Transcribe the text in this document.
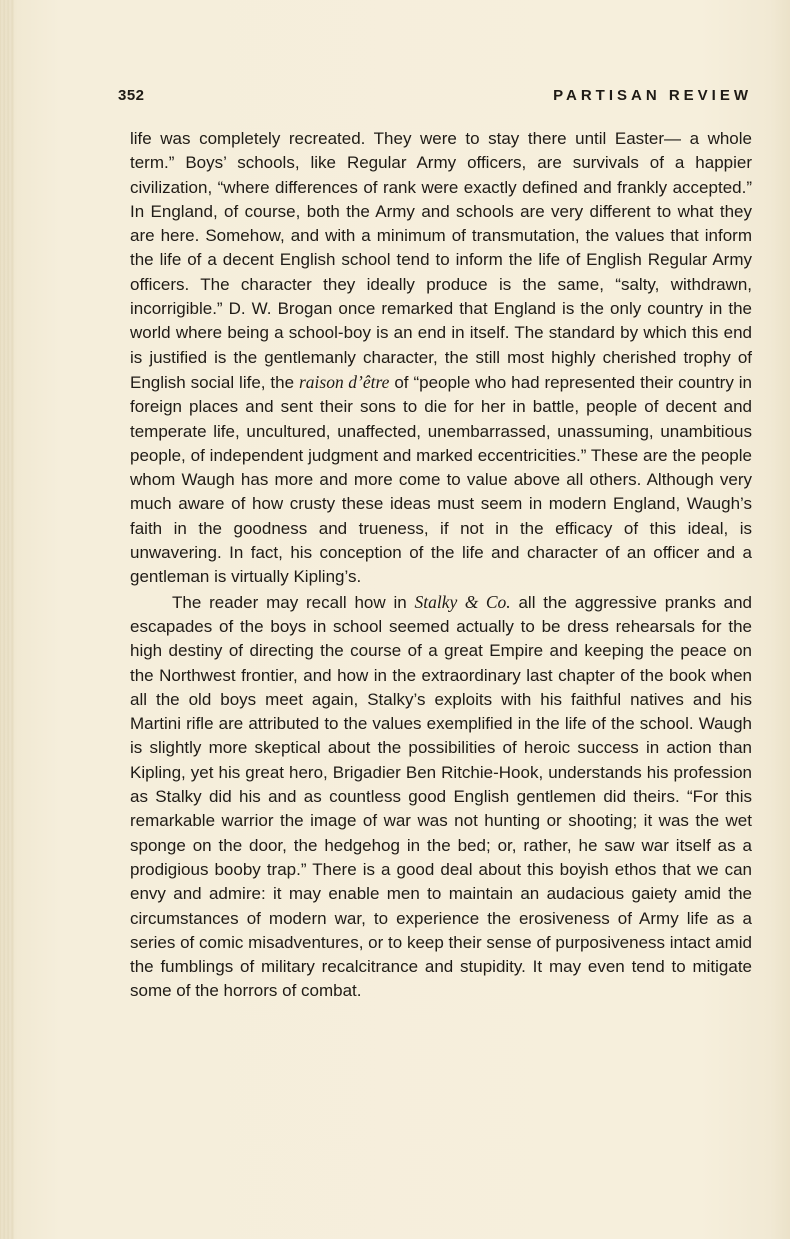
352	PARTISAN REVIEW

life was completely recreated. They were to stay there until Easter— a whole term.” Boys’ schools, like Regular Army officers, are survivals of a happier civilization, “where differences of rank were exactly defined and frankly accepted.” In England, of course, both the Army and schools are very different to what they are here. Somehow, and with a minimum of transmutation, the values that inform the life of a decent English school tend to inform the life of English Regular Army officers. The character they ideally produce is the same, “salty, withdrawn, incorrigible.” D. W. Brogan once remarked that England is the only country in the world where being a school-boy is an end in itself. The standard by which this end is justified is the gentlemanly character, the still most highly cherished trophy of English social life, the raison d’être of “people who had represented their country in foreign places and sent their sons to die for her in battle, people of decent and temperate life, uncultured, unaffected, unembarrassed, unassuming, unambitious people, of independent judgment and marked eccentricities.” These are the people whom Waugh has more and more come to value above all others. Although very much aware of how crusty these ideas must seem in modern England, Waugh’s faith in the goodness and trueness, if not in the efficacy of this ideal, is unwavering. In fact, his conception of the life and character of an officer and a gentleman is virtually Kipling’s.

The reader may recall how in Stalky & Co. all the aggressive pranks and escapades of the boys in school seemed actually to be dress rehearsals for the high destiny of directing the course of a great Empire and keeping the peace on the Northwest frontier, and how in the extraordinary last chapter of the book when all the old boys meet again, Stalky’s exploits with his faithful natives and his Martini rifle are attributed to the values exemplified in the life of the school. Waugh is slightly more skeptical about the possibilities of heroic success in action than Kipling, yet his great hero, Brigadier Ben Ritchie-Hook, understands his profession as Stalky did his and as countless good English gentlemen did theirs. “For this remarkable warrior the image of war was not hunting or shooting; it was the wet sponge on the door, the hedgehog in the bed; or, rather, he saw war itself as a prodigious booby trap.” There is a good deal about this boyish ethos that we can envy and admire: it may enable men to maintain an audacious gaiety amid the circumstances of modern war, to experience the erosiveness of Army life as a series of comic misadventures, or to keep their sense of purposiveness intact amid the fumblings of military recalcitrance and stupidity. It may even tend to mitigate some of the horrors of combat.
